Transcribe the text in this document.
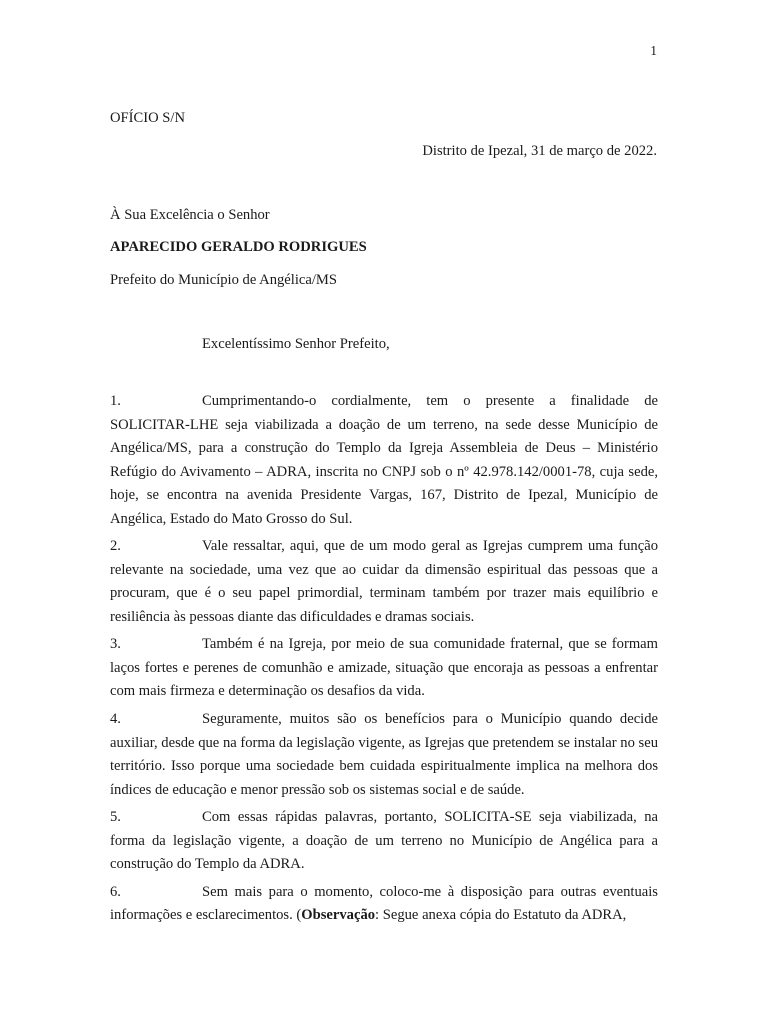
1
OFÍCIO S/N
Distrito de Ipezal, 31 de março de 2022.
À Sua Excelência o Senhor
APARECIDO GERALDO RODRIGUES
Prefeito do Município de Angélica/MS
Excelentíssimo Senhor Prefeito,

1.	Cumprimentando-o cordialmente, tem o presente a finalidade de SOLICITAR-LHE seja viabilizada a doação de um terreno, na sede desse Município de Angélica/MS, para a construção do Templo da Igreja Assembleia de Deus – Ministério Refúgio do Avivamento – ADRA, inscrita no CNPJ sob o nº 42.978.142/0001-78, cuja sede, hoje, se encontra na avenida Presidente Vargas, 167, Distrito de Ipezal, Município de Angélica, Estado do Mato Grosso do Sul.

2.	Vale ressaltar, aqui, que de um modo geral as Igrejas cumprem uma função relevante na sociedade, uma vez que ao cuidar da dimensão espiritual das pessoas que a procuram, que é o seu papel primordial, terminam também por trazer mais equilíbrio e resiliência às pessoas diante das dificuldades e dramas sociais.

3.	Também é na Igreja, por meio de sua comunidade fraternal, que se formam laços fortes e perenes de comunhão e amizade, situação que encoraja as pessoas a enfrentar com mais firmeza e determinação os desafios da vida.

4.	Seguramente, muitos são os benefícios para o Município quando decide auxiliar, desde que na forma da legislação vigente, as Igrejas que pretendem se instalar no seu território. Isso porque uma sociedade bem cuidada espiritualmente implica na melhora dos índices de educação e menor pressão sob os sistemas social e de saúde.

5.	Com essas rápidas palavras, portanto, SOLICITA-SE seja viabilizada, na forma da legislação vigente, a doação de um terreno no Município de Angélica para a construção do Templo da ADRA.

6.	Sem mais para o momento, coloco-me à disposição para outras eventuais informações e esclarecimentos. (Observação: Segue anexa cópia do Estatuto da ADRA,
